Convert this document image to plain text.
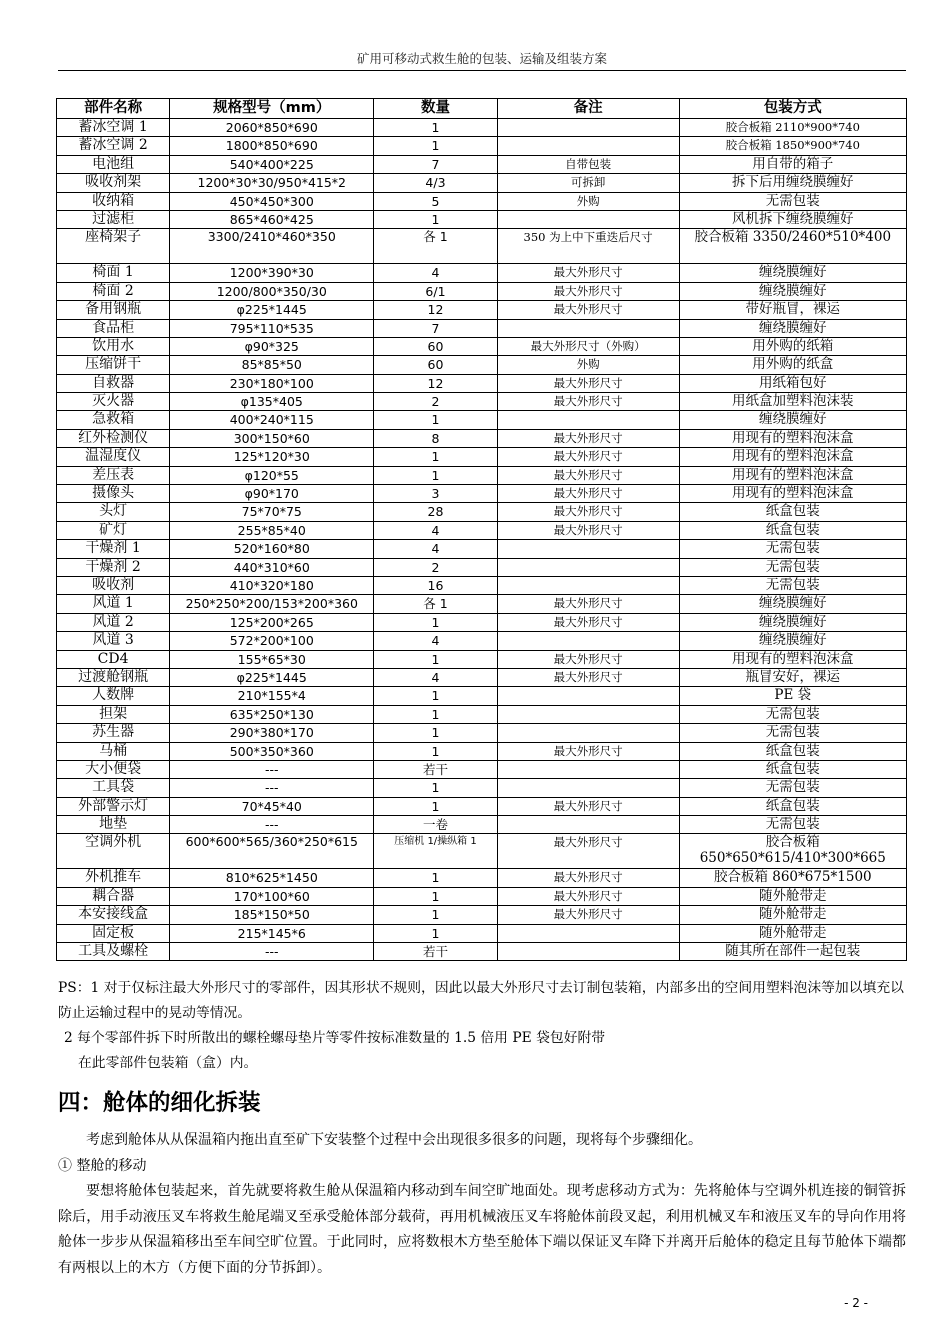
矿用可移动式救生舱的包装、运输及组装方案
部件名称	规格型号（mm）	数量	备注	包装方式
蓄冰空调 1	2060*850*690	1		胶合板箱 2110*900*740
蓄冰空调 2	1800*850*690	1		胶合板箱 1850*900*740
电池组	540*400*225	7	自带包装	用自带的箱子
吸收剂架	1200*30*30/950*415*2	4/3	可拆卸	拆下后用缠绕膜缠好
收纳箱	450*450*300	5	外购	无需包装
过滤柜	865*460*425	1		风机拆下缠绕膜缠好
座椅架子	3300/2410*460*350	各 1	350 为上中下重迭后尺寸	胶合板箱 3350/2460*510*400
椅面 1	1200*390*30	4	最大外形尺寸	缠绕膜缠好
椅面 2	1200/800*350/30	6/1	最大外形尺寸	缠绕膜缠好
备用钢瓶	φ225*1445	12	最大外形尺寸	带好瓶冒，裸运
食品柜	795*110*535	7		缠绕膜缠好
饮用水	φ90*325	60	最大外形尺寸（外购）	用外购的纸箱
压缩饼干	85*85*50	60	外购	用外购的纸盒
自救器	230*180*100	12	最大外形尺寸	用纸箱包好
灭火器	φ135*405	2	最大外形尺寸	用纸盒加塑料泡沫装
急救箱	400*240*115	1		缠绕膜缠好
红外检测仪	300*150*60	8	最大外形尺寸	用现有的塑料泡沫盒
温湿度仪	125*120*30	1	最大外形尺寸	用现有的塑料泡沫盒
差压表	φ120*55	1	最大外形尺寸	用现有的塑料泡沫盒
摄像头	φ90*170	3	最大外形尺寸	用现有的塑料泡沫盒
头灯	75*70*75	28	最大外形尺寸	纸盒包装
矿灯	255*85*40	4	最大外形尺寸	纸盒包装
干燥剂 1	520*160*80	4		无需包装
干燥剂 2	440*310*60	2		无需包装
吸收剂	410*320*180	16		无需包装
风道 1	250*250*200/153*200*360	各 1	最大外形尺寸	缠绕膜缠好
风道 2	125*200*265	1	最大外形尺寸	缠绕膜缠好
风道 3	572*200*100	4		缠绕膜缠好
CD4	155*65*30	1	最大外形尺寸	用现有的塑料泡沫盒
过渡舱钢瓶	φ225*1445	4	最大外形尺寸	瓶冒安好，裸运
人数牌	210*155*4	1		PE 袋
担架	635*250*130	1		无需包装
苏生器	290*380*170	1		无需包装
马桶	500*350*360	1	最大外形尺寸	纸盒包装
大小便袋	---	若干		纸盒包装
工具袋	---	1		无需包装
外部警示灯	70*45*40	1	最大外形尺寸	纸盒包装
地垫	---	一卷		无需包装
空调外机	600*600*565/360*250*615	压缩机 1/操纵箱 1	最大外形尺寸	胶合板箱 650*650*615/410*300*665
外机推车	810*625*1450	1	最大外形尺寸	胶合板箱 860*675*1500
耦合器	170*100*60	1	最大外形尺寸	随外舱带走
本安接线盒	185*150*50	1	最大外形尺寸	随外舱带走
固定板	215*145*6	1		随外舱带走
工具及螺栓	---	若干		随其所在部件一起包装

PS：1 对于仅标注最大外形尺寸的零部件，因其形状不规则，因此以最大外形尺寸去订制包装箱，内部多出的空间用塑料泡沫等加以填充以防止运输过程中的晃动等情况。

2 每个零部件拆下时所散出的螺栓螺母垫片等零件按标准数量的 1.5 倍用 PE 袋包好附带

在此零部件包装箱（盒）内。

四：舱体的细化拆装

考虑到舱体从从保温箱内拖出直至矿下安装整个过程中会出现很多很多的问题，现将每个步骤细化。

① 整舱的移动

要想将舱体包装起来，首先就要将救生舱从保温箱内移动到车间空旷地面处。现考虑移动方式为：先将舱体与空调外机连接的铜管拆除后，用手动液压叉车将救生舱尾端叉至承受舱体部分载荷，再用机械液压叉车将舱体前段叉起，利用机械叉车和液压叉车的导向作用将舱体一步步从保温箱移出至车间空旷位置。于此同时，应将数根木方垫至舱体下端以保证叉车降下并离开后舱体的稳定且每节舱体下端都有两根以上的木方（方便下面的分节拆卸）。

- 2 -
